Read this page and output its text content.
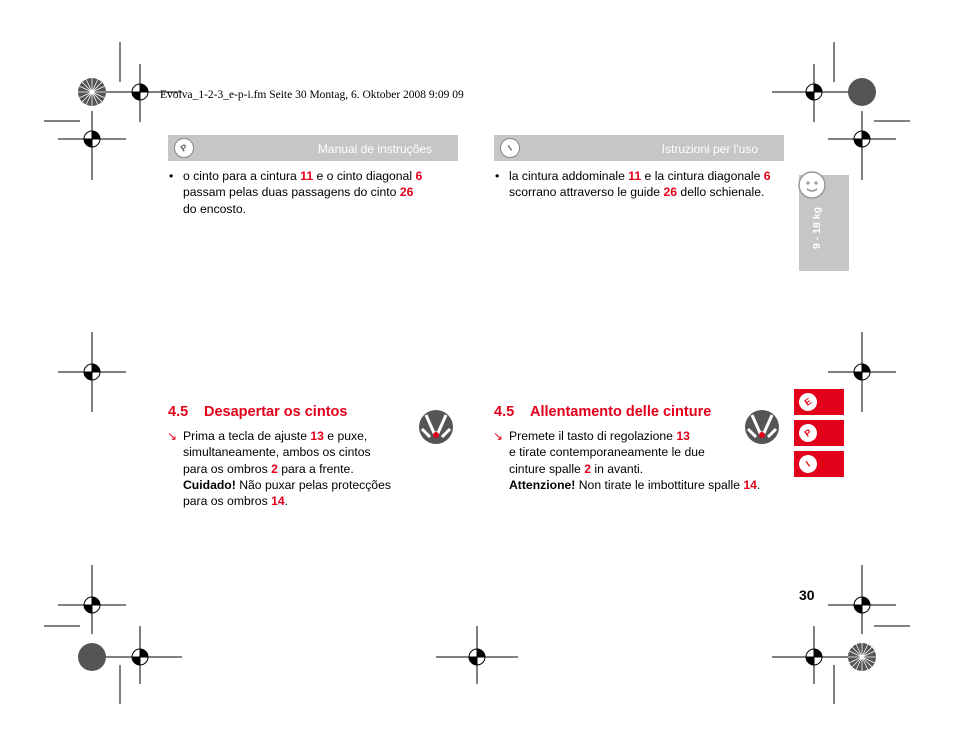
Evolva_1-2-3_e-p-i.fm Seite 30 Montag, 6. Oktober 2008 9:09 09
P	Manual de instruções
• o cinto para a cintura 11 e o cinto diagonal 6
passam pelas duas passagens do cinto 26
do encosto.
4.5 Desapertar os cintos
↘ Prima a tecla de ajuste 13 e puxe,
simultaneamente, ambos os cintos
para os ombros 2 para a frente.
Cuidado! Não puxar pelas protecções
para os ombros 14.
I	Istruzioni per l'uso
• la cintura addominale 11 e la cintura diagonale 6
scorrano attraverso le guide 26 dello schienale.
4.5 Allentamento delle cinture
↘ Premete il tasto di regolazione 13
e tirate contemporaneamente le due
cinture spalle 2 in avanti.
Attenzione! Non tirate le imbottiture spalle 14.
9 - 18 kg
E
P
I
30
